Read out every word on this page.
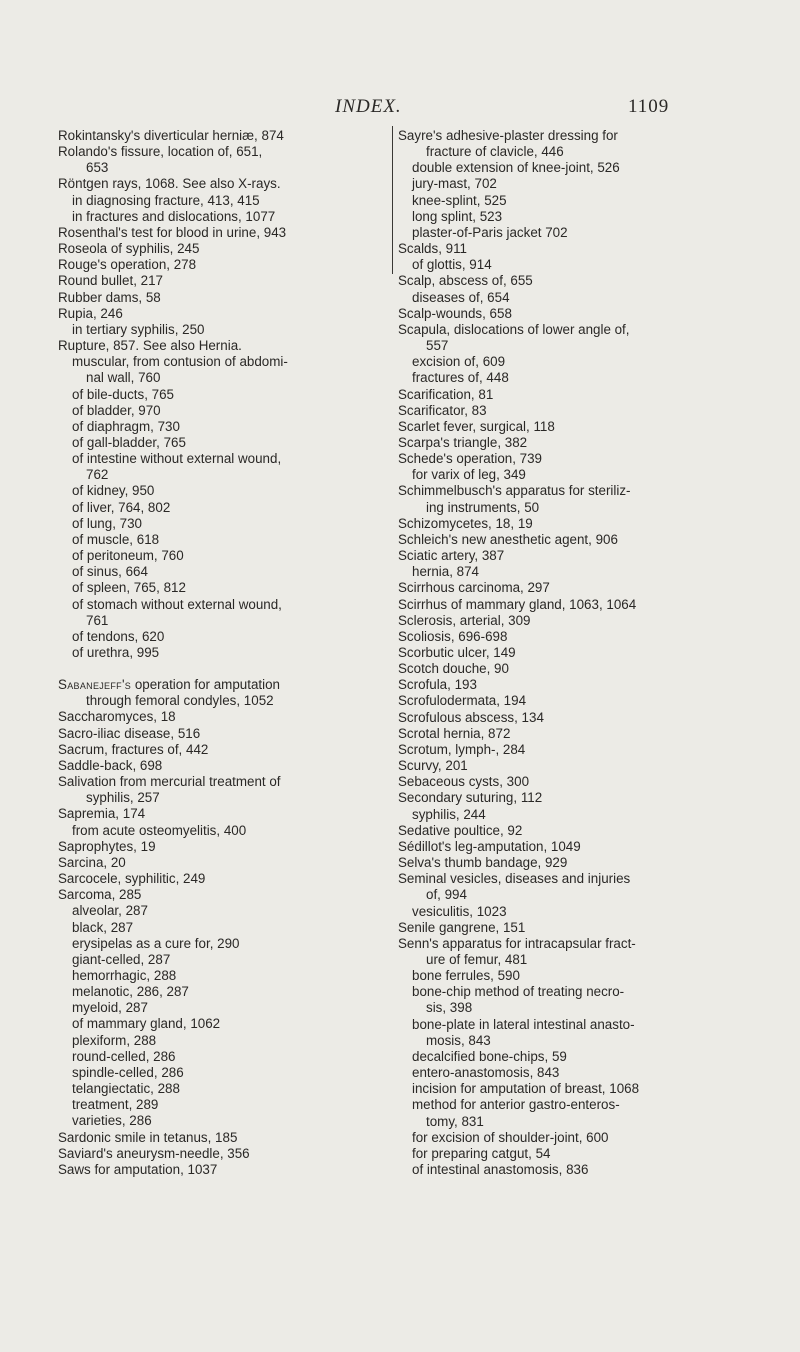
INDEX.	1109
Rokintansky's diverticular herniæ, 874
Rolando's fissure, location of, 651,
653
Röntgen rays, 1068. See also X-rays.
in diagnosing fracture, 413, 415
in fractures and dislocations, 1077
Rosenthal's test for blood in urine, 943
Roseola of syphilis, 245
Rouge's operation, 278
Round bullet, 217
Rubber dams, 58
Rupia, 246
in tertiary syphilis, 250
Rupture, 857. See also Hernia.
muscular, from contusion of abdomi-
nal wall, 760
of bile-ducts, 765
of bladder, 970
of diaphragm, 730
of gall-bladder, 765
of intestine without external wound,
762
of kidney, 950
of liver, 764, 802
of lung, 730
of muscle, 618
of peritoneum, 760
of sinus, 664
of spleen, 765, 812
of stomach without external wound,
761
of tendons, 620
of urethra, 995
Sabanejeff's operation for amputation
through femoral condyles, 1052
Saccharomyces, 18
Sacro-iliac disease, 516
Sacrum, fractures of, 442
Saddle-back, 698
Salivation from mercurial treatment of
syphilis, 257
Sapremia, 174
from acute osteomyelitis, 400
Saprophytes, 19
Sarcina, 20
Sarcocele, syphilitic, 249
Sarcoma, 285
alveolar, 287
black, 287
erysipelas as a cure for, 290
giant-celled, 287
hemorrhagic, 288
melanotic, 286, 287
myeloid, 287
of mammary gland, 1062
plexiform, 288
round-celled, 286
spindle-celled, 286
telangiectatic, 288
treatment, 289
varieties, 286
Sardonic smile in tetanus, 185
Saviard's aneurysm-needle, 356
Saws for amputation, 1037
Sayre's adhesive-plaster dressing for
fracture of clavicle, 446
double extension of knee-joint, 526
jury-mast, 702
knee-splint, 525
long splint, 523
plaster-of-Paris jacket 702
Scalds, 911
of glottis, 914
Scalp, abscess of, 655
diseases of, 654
Scalp-wounds, 658
Scapula, dislocations of lower angle of,
557
excision of, 609
fractures of, 448
Scarification, 81
Scarificator, 83
Scarlet fever, surgical, 118
Scarpa's triangle, 382
Schede's operation, 739
for varix of leg, 349
Schimmelbusch's apparatus for steriliz-
ing instruments, 50
Schizomycetes, 18, 19
Schleich's new anesthetic agent, 906
Sciatic artery, 387
hernia, 874
Scirrhous carcinoma, 297
Scirrhus of mammary gland, 1063, 1064
Sclerosis, arterial, 309
Scoliosis, 696-698
Scorbutic ulcer, 149
Scotch douche, 90
Scrofula, 193
Scrofulodermata, 194
Scrofulous abscess, 134
Scrotal hernia, 872
Scrotum, lymph-, 284
Scurvy, 201
Sebaceous cysts, 300
Secondary suturing, 112
syphilis, 244
Sedative poultice, 92
Sédillot's leg-amputation, 1049
Selva's thumb bandage, 929
Seminal vesicles, diseases and injuries
of, 994
vesiculitis, 1023
Senile gangrene, 151
Senn's apparatus for intracapsular fract-
ure of femur, 481
bone ferrules, 590
bone-chip method of treating necro-
sis, 398
bone-plate in lateral intestinal anasto-
mosis, 843
decalcified bone-chips, 59
entero-anastomosis, 843
incision for amputation of breast, 1068
method for anterior gastro-enteros-
tomy, 831
for excision of shoulder-joint, 600
for preparing catgut, 54
of intestinal anastomosis, 836
